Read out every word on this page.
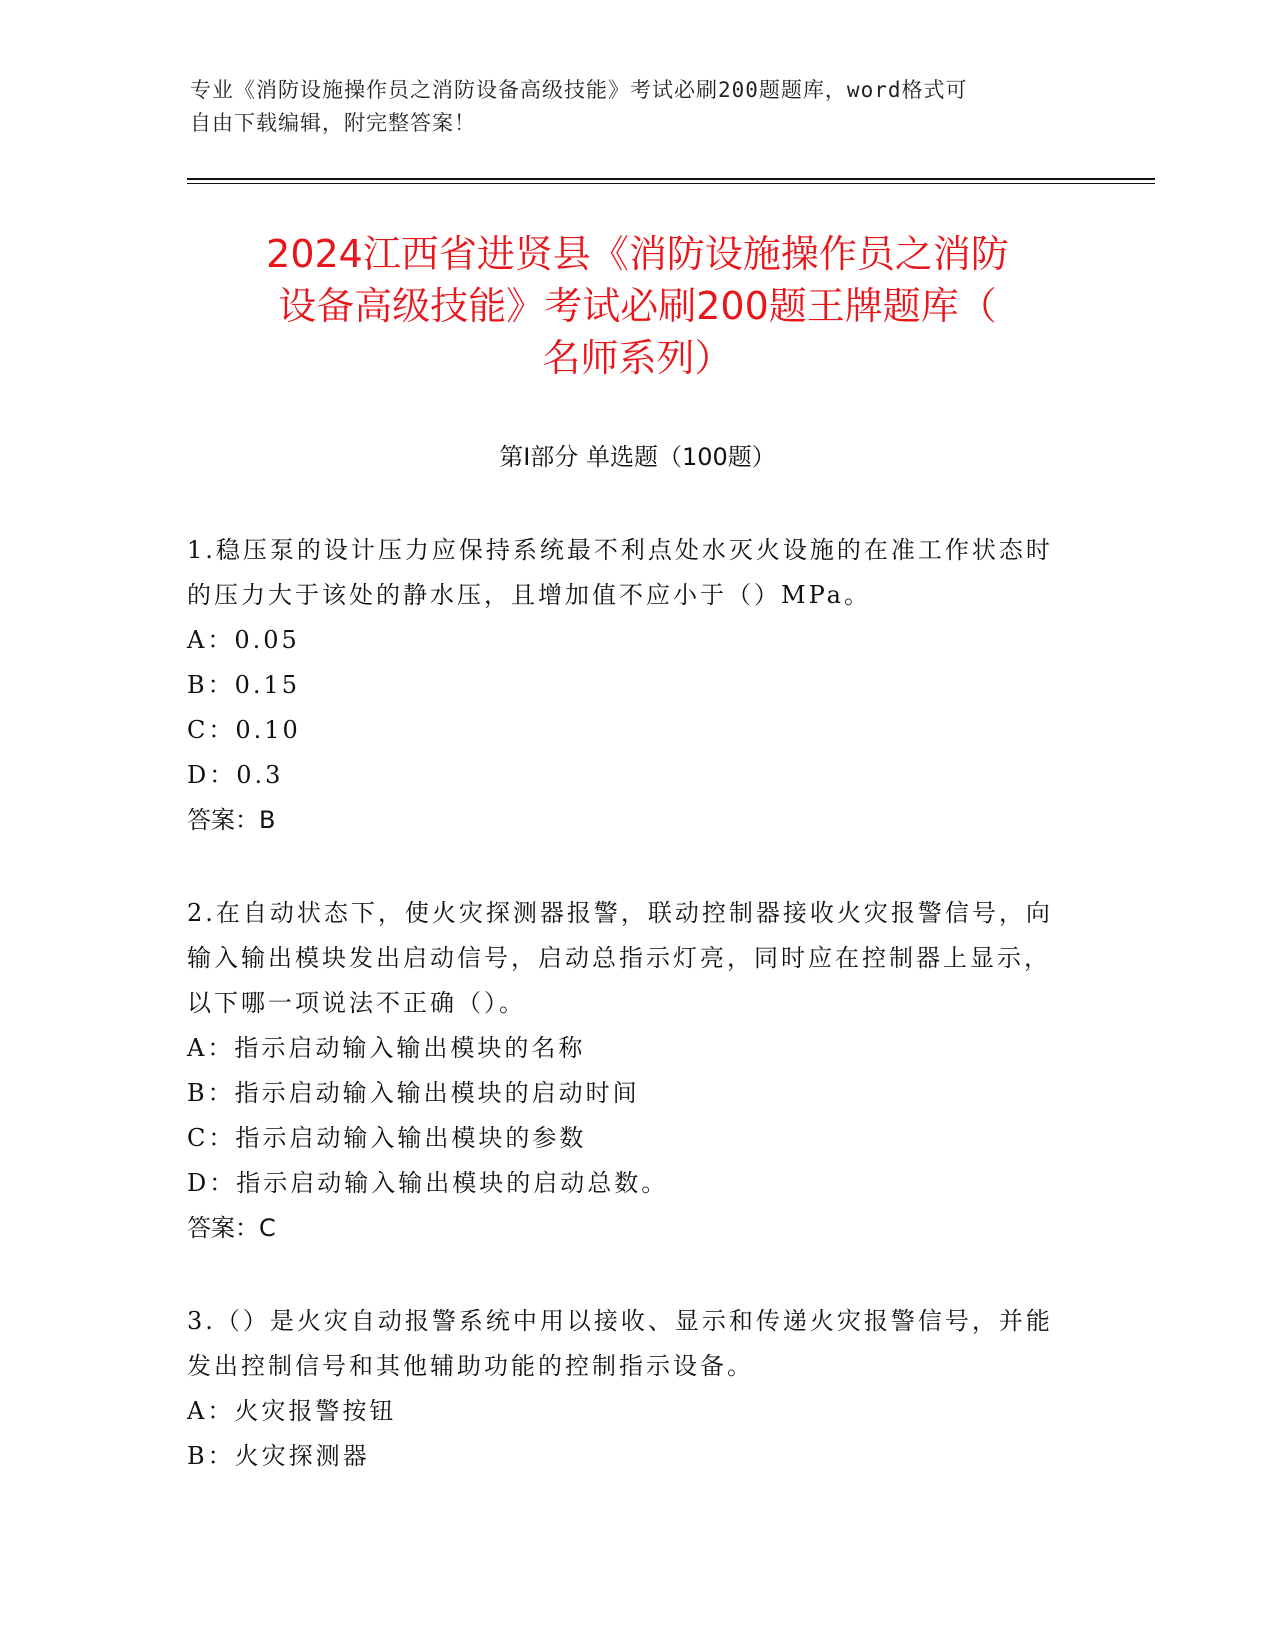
专业《消防设施操作员之消防设备高级技能》考试必刷200题题库，word格式可
自由下载编辑，附完整答案！
2024江西省进贤县《消防设施操作员之消防
设备高级技能》考试必刷200题王牌题库（
名师系列）
第Ⅰ部分 单选题（100题）

1.稳压泵的设计压力应保持系统最不利点处水灭火设施的在准工作状态时的压力大于该处的静水压，且增加值不应小于（）MPa。

A：0.05

B：0.15

C：0.10

D：0.3

答案：B

2.在自动状态下，使火灾探测器报警，联动控制器接收火灾报警信号，向输入输出模块发出启动信号，启动总指示灯亮，同时应在控制器上显示，以下哪一项说法不正确（）。

A：指示启动输入输出模块的名称

B：指示启动输入输出模块的启动时间

C：指示启动输入输出模块的参数

D：指示启动输入输出模块的启动总数。

答案：C

3.（）是火灾自动报警系统中用以接收、显示和传递火灾报警信号，并能发出控制信号和其他辅助功能的控制指示设备。

A：火灾报警按钮

B：火灾探测器
